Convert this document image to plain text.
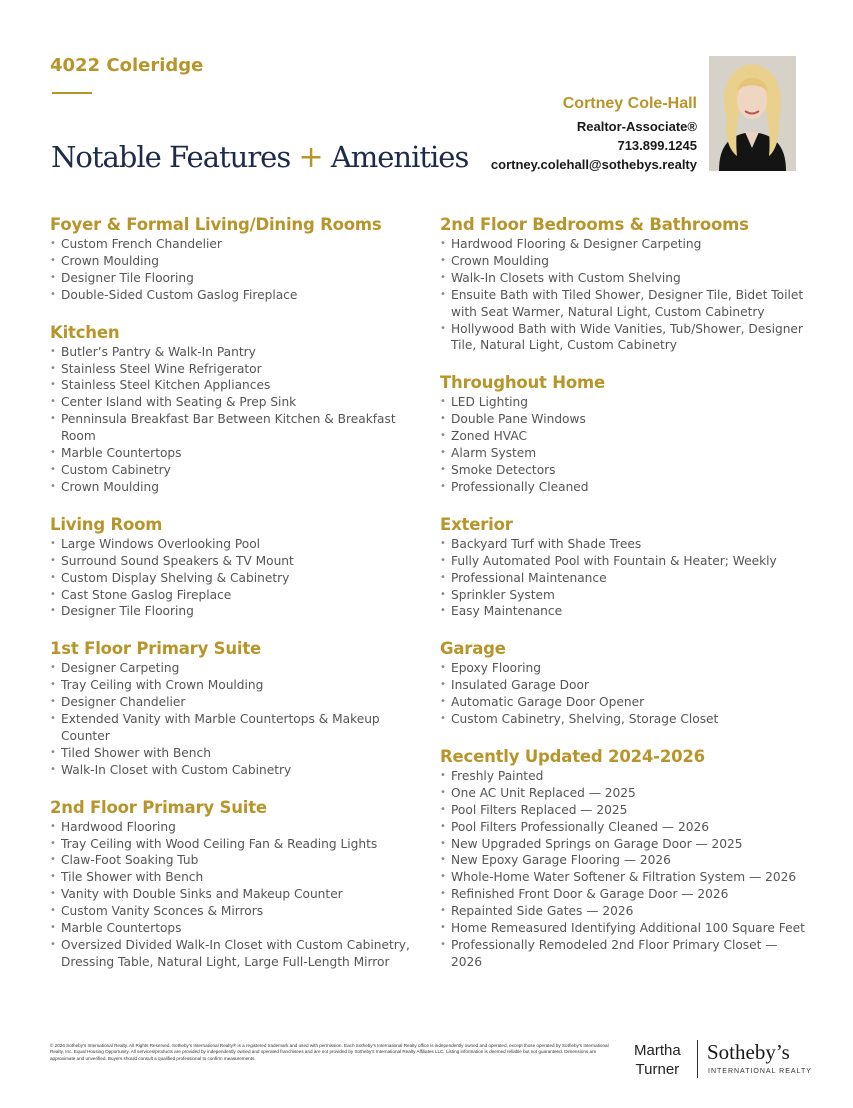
4022 Coleridge
Notable Features + Amenities
Cortney Cole-Hall
Realtor-Associate®
713.899.1245
cortney.colehall@sothebys.realty
Foyer & Formal Living/Dining Rooms
• Custom French Chandelier
• Crown Moulding
• Designer Tile Flooring
• Double-Sided Custom Gaslog Fireplace
Kitchen
• Butler’s Pantry & Walk-In Pantry
• Stainless Steel Wine Refrigerator
• Stainless Steel Kitchen Appliances
• Center Island with Seating & Prep Sink
• Penninsula Breakfast Bar Between Kitchen & Breakfast Room
• Marble Countertops
• Custom Cabinetry
• Crown Moulding
Living Room
• Large Windows Overlooking Pool
• Surround Sound Speakers & TV Mount
• Custom Display Shelving & Cabinetry
• Cast Stone Gaslog Fireplace
• Designer Tile Flooring
1st Floor Primary Suite
• Designer Carpeting
• Tray Ceiling with Crown Moulding
• Designer Chandelier
• Extended Vanity with Marble Countertops & Makeup Counter
• Tiled Shower with Bench
• Walk-In Closet with Custom Cabinetry
2nd Floor Primary Suite
• Hardwood Flooring
• Tray Ceiling with Wood Ceiling Fan & Reading Lights
• Claw-Foot Soaking Tub
• Tile Shower with Bench
• Vanity with Double Sinks and Makeup Counter
• Custom Vanity Sconces & Mirrors
• Marble Countertops
• Oversized Divided Walk-In Closet with Custom Cabinetry, Dressing Table, Natural Light, Large Full-Length Mirror
2nd Floor Bedrooms & Bathrooms
• Hardwood Flooring & Designer Carpeting
• Crown Moulding
• Walk-In Closets with Custom Shelving
• Ensuite Bath with Tiled Shower, Designer Tile, Bidet Toilet with Seat Warmer, Natural Light, Custom Cabinetry
• Hollywood Bath with Wide Vanities, Tub/Shower, Designer Tile, Natural Light, Custom Cabinetry
Throughout Home
• LED Lighting
• Double Pane Windows
• Zoned HVAC
• Alarm System
• Smoke Detectors
• Professionally Cleaned
Exterior
• Backyard Turf with Shade Trees
• Fully Automated Pool with Fountain & Heater; Weekly
• Professional Maintenance
• Sprinkler System
• Easy Maintenance
Garage
• Epoxy Flooring
• Insulated Garage Door
• Automatic Garage Door Opener
• Custom Cabinetry, Shelving, Storage Closet
Recently Updated 2024-2026
• Freshly Painted
• One AC Unit Replaced — 2025
• Pool Filters Replaced — 2025
• Pool Filters Professionally Cleaned — 2026
• New Upgraded Springs on Garage Door — 2025
• New Epoxy Garage Flooring — 2026
• Whole-Home Water Softener & Filtration System — 2026
• Refinished Front Door & Garage Door — 2026
• Repainted Side Gates — 2026
• Home Remeasured Identifying Additional 100 Square Feet
• Professionally Remodeled 2nd Floor Primary Closet — 2026
© 2026 Sotheby’s International Realty. All Rights Reserved. Sotheby’s International Realty® is a registered trademark and used with permission. Each Sotheby’s International Realty office is independently owned and operated, except those operated by Sotheby’s International Realty, Inc. Equal Housing Opportunity. All services/products are provided by independently owned and operated franchisees and are not provided by Sotheby’s International Realty Affiliates LLC. Listing information is deemed reliable but not guaranteed. Dimensions are approximate and unverified. Buyers should consult a qualified professional to confirm measurements.	Martha
Turner
Sotheby’s
INTERNATIONAL REALTY
